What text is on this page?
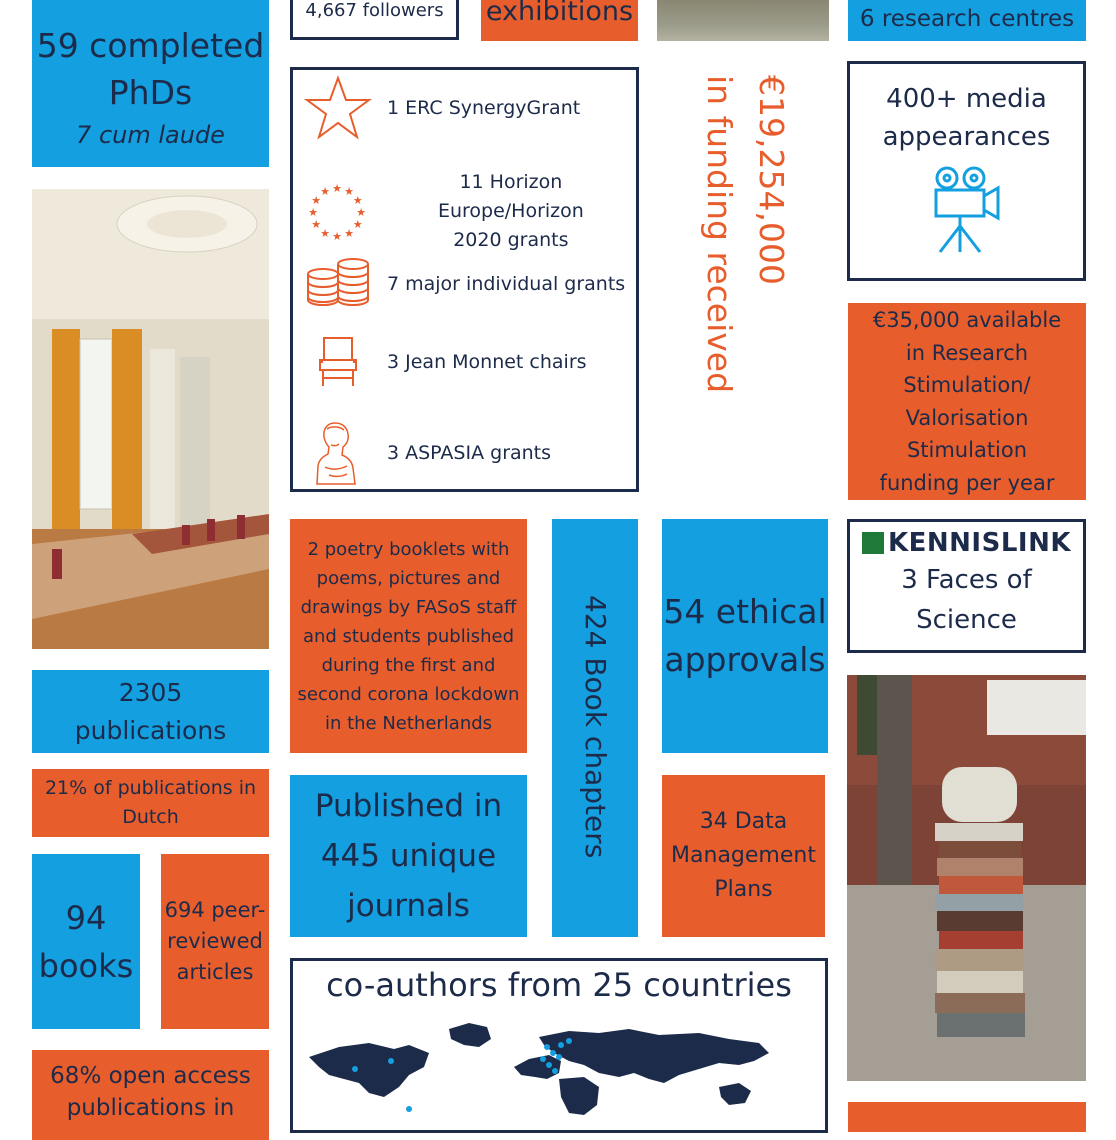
4,667 followers exhibitions	6 research centres
59 completed
PhDs
7 cum laude
1 ERC SynergyGrant
★
★
★
★
★
★
★
★
★ ★ ★
★
11 Horizon Europe/Horizon
2020 grants
7 major individual grants
3 Jean Monnet chairs
3 ASPASIA grants
€19,254,000
in funding received	400+ media
appearances
€35,000 available
in Research
Stimulation/
Valorisation
Stimulation
funding per year
2 poetry booklets with
poems, pictures and
drawings by FASoS staff
and students published
during the first and
second corona lockdown
in the Netherlands	424 Book chapters 54 ethical
approvals
KENNISLINK
3 Faces of
Science
2305
publications
21% of publications in
Dutch	Published in
445 unique
journals
34 Data
Management
Plans
94
books
694 peer-
reviewed
articles co-authors from 25 countries
68% open access
publications in
